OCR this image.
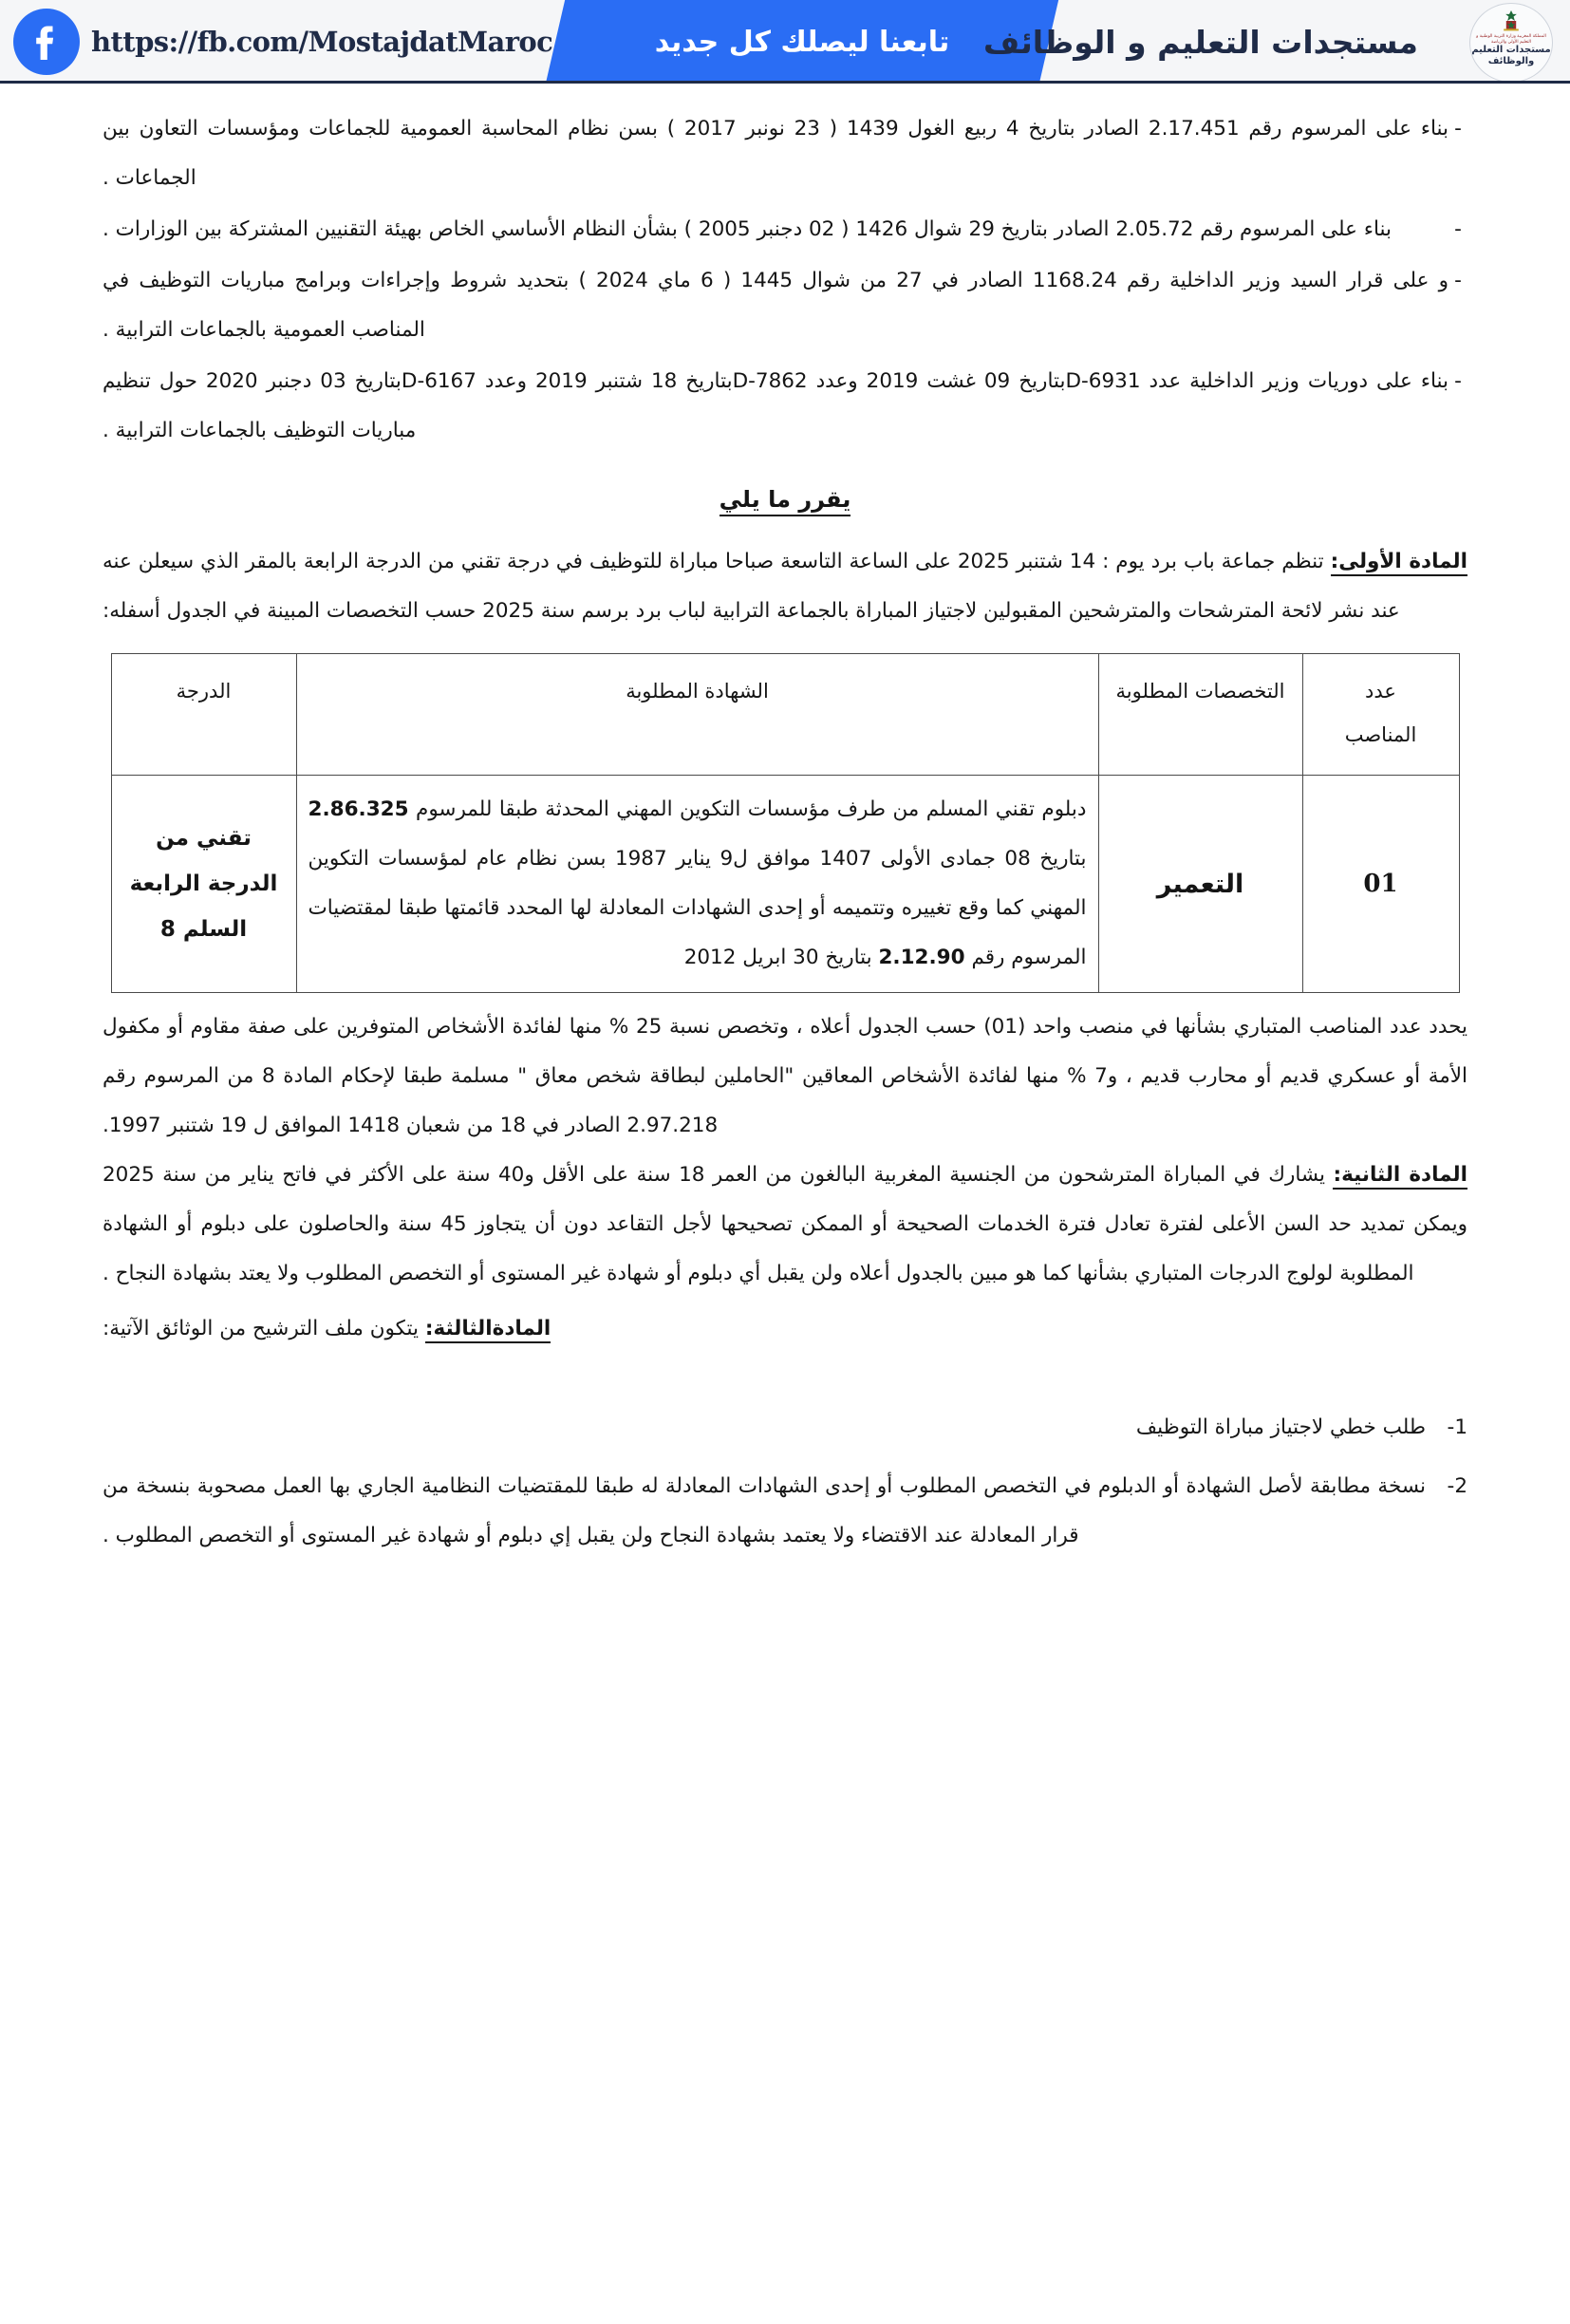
تابعنا ليصلك كل جديد
https://fb.com/MostajdatMaroc	مستجدات التعليم و الوظائف	المملكة المغربية وزارة التربية الوطنية و التعليم الأولي والرياضة
مستجدات التعليم
والوظائف
-
بناء على المرسوم رقم 2.17.451 الصادر بتاريخ 4 ربيع الغول 1439 ( 23 نونبر 2017 ) بسن نظام المحاسبة العمومية للجماعات ومؤسسات التعاون بين الجماعات .
-
بناء على المرسوم رقم 2.05.72 الصادر بتاريخ 29 شوال 1426 ( 02 دجنبر 2005 ) بشأن النظام الأساسي الخاص بهيئة التقنيين المشتركة بين الوزارات .
-
و على قرار السيد وزير الداخلية رقم 1168.24 الصادر في 27 من شوال 1445 ( 6 ماي 2024 ) بتحديد شروط وإجراءات وبرامج مباريات التوظيف في المناصب العمومية بالجماعات الترابية .
-
بناء على دوريات وزير الداخلية عدد D-6931بتاريخ 09 غشت 2019 وعدد D-7862بتاريخ 18 شتنبر 2019 وعدد D-6167بتاريخ 03 دجنبر 2020 حول تنظيم مباريات التوظيف بالجماعات الترابية .
يقرر ما يلي

المادة الأولى: تنظم جماعة باب برد يوم : 14 شتنبر 2025 على الساعة التاسعة صباحا مباراة للتوظيف في درجة تقني من الدرجة الرابعة بالمقر الذي سيعلن عنه عند نشر لائحة المترشحات والمترشحين المقبولين لاجتياز المباراة بالجماعة الترابية لباب برد برسم سنة 2025 حسب التخصصات المبينة في الجدول أسفله:

عدد
المناصب	التخصصات المطلوبة	الشهادة المطلوبة	الدرجة
01	التعمير	دبلوم تقني المسلم من طرف مؤسسات التكوين المهني المحدثة طبقا للمرسوم 2.86.325 بتاريخ 08 جمادى الأولى 1407 موافق ل9 يناير 1987 بسن نظام عام لمؤسسات التكوين المهني كما وقع تغييره وتتميمه أو إحدى الشهادات المعادلة لها المحدد قائمتها طبقا لمقتضيات المرسوم رقم 2.12.90 بتاريخ 30 ابريل 2012	
تقني من
الدرجة الرابعة
السلم 8

يحدد عدد المناصب المتباري بشأنها في منصب واحد (01) حسب الجدول أعلاه ، وتخصص نسبة 25 % منها لفائدة الأشخاص المتوفرين على صفة مقاوم أو مكفول الأمة أو عسكري قديم أو محارب قديم ، و7 % منها لفائدة الأشخاص المعاقين "الحاملين لبطاقة شخص معاق " مسلمة طبقا لإحكام المادة 8 من المرسوم رقم 2.97.218 الصادر في 18 من شعبان 1418 الموافق ل 19 شتنبر 1997.

المادة الثانية: يشارك في المباراة المترشحون من الجنسية المغربية البالغون من العمر 18 سنة على الأقل و40 سنة على الأكثر في فاتح يناير من سنة 2025 ويمكن تمديد حد السن الأعلى لفترة تعادل فترة الخدمات الصحيحة أو الممكن تصحيحها لأجل التقاعد دون أن يتجاوز 45 سنة والحاصلون على دبلوم أو الشهادة المطلوبة لولوج الدرجات المتباري بشأنها كما هو مبين بالجدول أعلاه ولن يقبل أي دبلوم أو شهادة غير المستوى أو التخصص المطلوب ولا يعتد بشهادة النجاح .

المادةالثالثة: يتكون ملف الترشيح من الوثائق الآتية:

1-
طلب خطي لاجتياز مباراة التوظيف
2-
نسخة مطابقة لأصل الشهادة أو الدبلوم في التخصص المطلوب أو إحدى الشهادات المعادلة له طبقا للمقتضيات النظامية الجاري بها العمل مصحوبة بنسخة من قرار المعادلة عند الاقتضاء ولا يعتمد بشهادة النجاح ولن يقبل إي دبلوم أو شهادة غير المستوى أو التخصص المطلوب .
